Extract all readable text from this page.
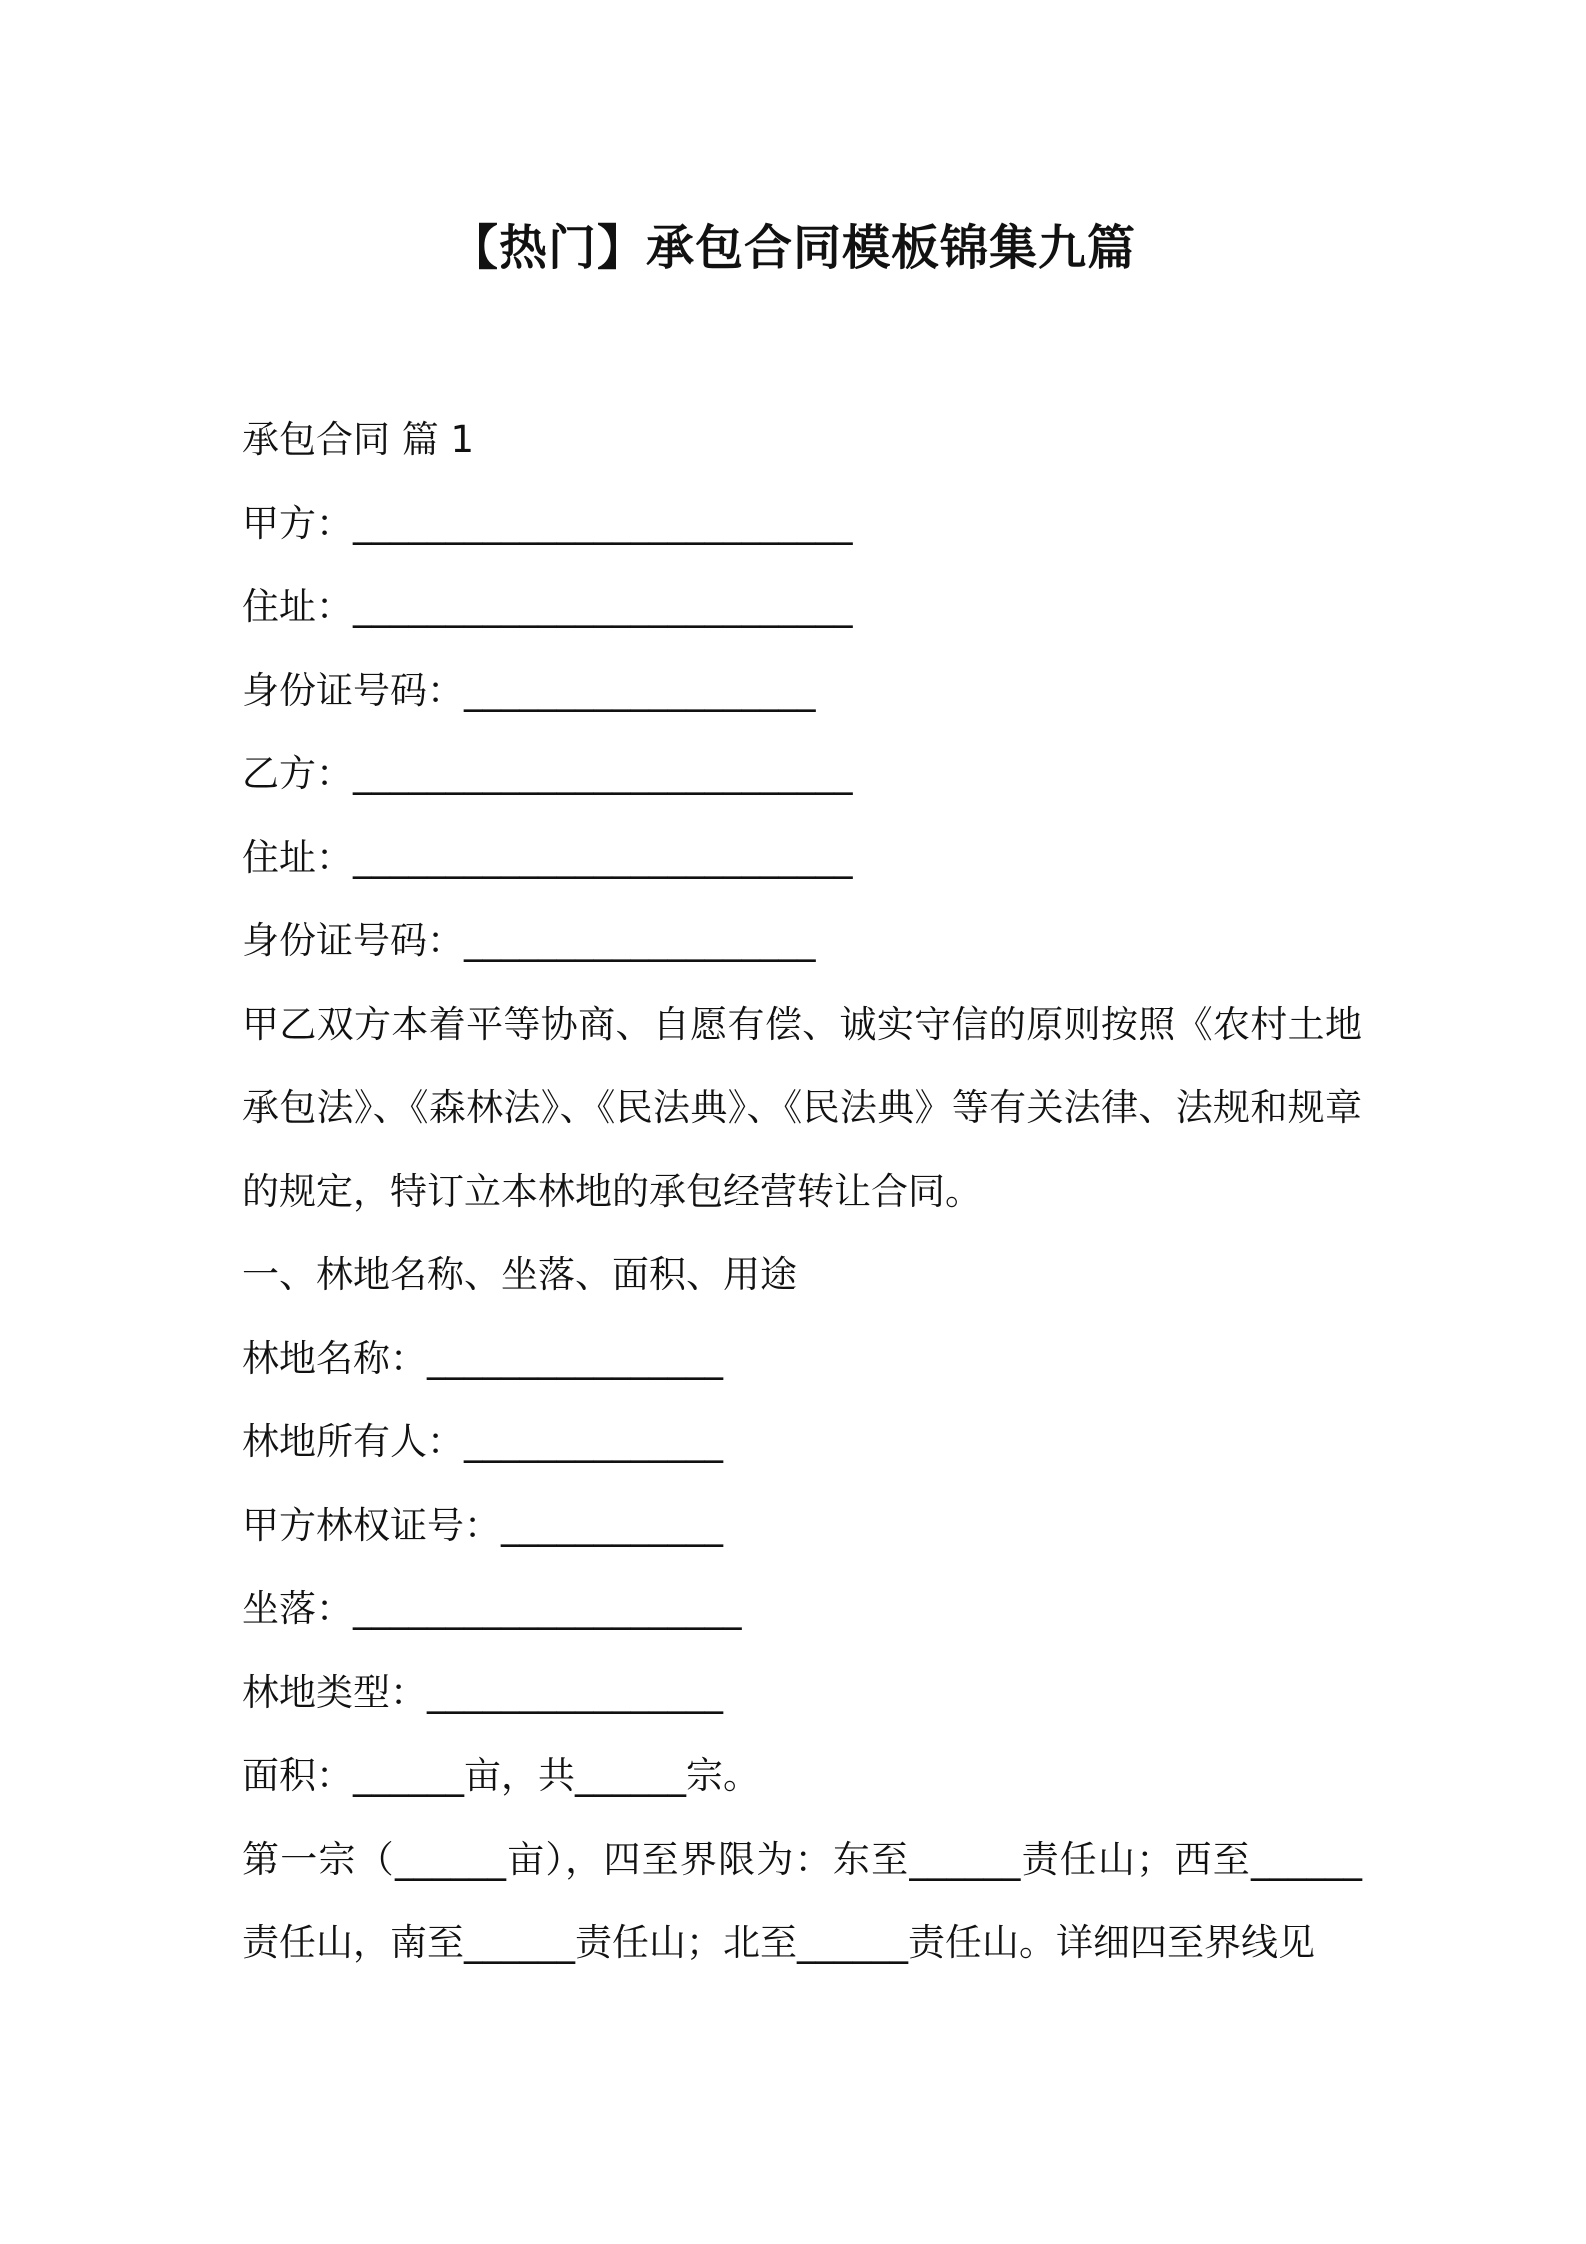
【热门】承包合同模板锦集九篇
承包合同 篇 1
甲方：___________________________
住址：___________________________
身份证号码：___________________
乙方：___________________________
住址：___________________________
身份证号码：___________________
甲乙双方本着平等协商、自愿有偿、诚实守信的原则按照《农村土地承包法》、《森林法》、《民法典》、《民法典》等有关法律、法规和规章的规定，特订立本林地的承包经营转让合同。
一、林地名称、坐落、面积、用途
林地名称：________________
林地所有人：______________
甲方林权证号：____________
坐落：_____________________
林地类型：________________
面积：______亩，共______宗。
第一宗（______亩），四至界限为：东至______责任山；西至______责任山，南至______责任山；北至______责任山。详细四至界线见
